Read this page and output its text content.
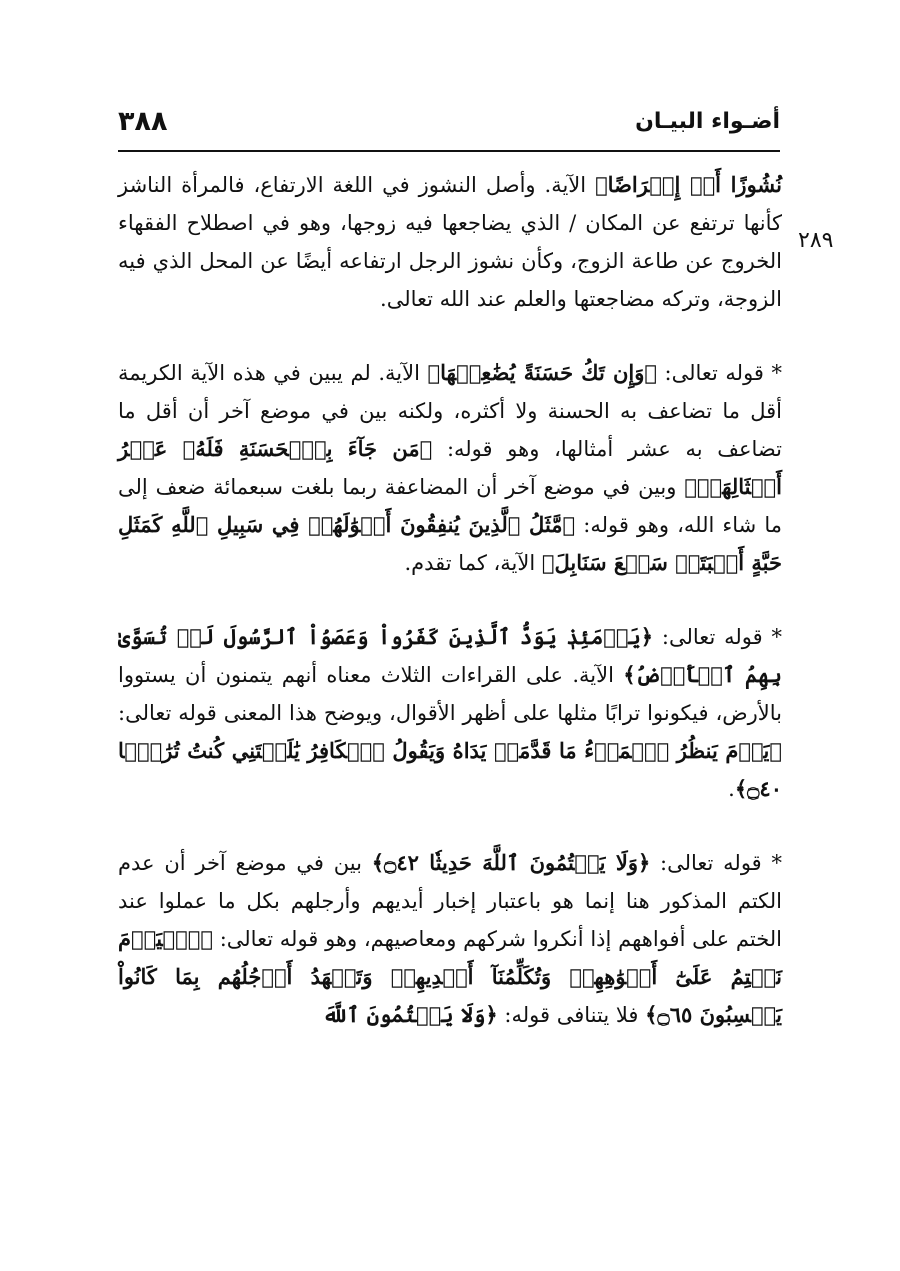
٣٨٨	أضـواء البيـان
٢٨٩

نُشُوزًا أَوۡ إِعۡرَاضًا﴾ الآية. وأصل النشوز في اللغة الارتفاع، فالمرأة الناشز كأنها ترتفع عن المكان / الذي يضاجعها فيه زوجها، وهو في اصطلاح الفقهاء الخروج عن طاعة الزوج، وكأن نشوز الرجل ارتفاعه أيضًا عن المحل الذي فيه الزوجة، وتركه مضاجعتها والعلم عند الله تعالى.

* قوله تعالى: ﴿وَإِن تَكُ حَسَنَةً يُضَٰعِفۡهَا﴾ الآية. لم يبين في هذه الآية الكريمة أقل ما تضاعف به الحسنة ولا أكثره، ولكنه بين في موضع آخر أن أقل ما تضاعف به عشر أمثالها، وهو قوله: ﴿مَن جَآءَ بِٱلۡحَسَنَةِ فَلَهُۥ عَشۡرُ أَمۡثَالِهَاۖ﴾ وبين في موضع آخر أن المضاعفة ربما بلغت سبعمائة ضعف إلى ما شاء الله، وهو قوله: ﴿مَّثَلُ ٱلَّذِينَ يُنفِقُونَ أَمۡوَٰلَهُمۡ فِي سَبِيلِ ٱللَّهِ كَمَثَلِ حَبَّةٍ أَنۢبَتَتۡ سَبۡعَ سَنَابِلَ﴾ الآية، كما تقدم.

* قوله تعالى: ﴿يَوۡمَئِذٖ يَوَدُّ ٱلَّذِينَ كَفَرُواْ وَعَصَوُاْ ٱلرَّسُولَ لَوۡ تُسَوَّىٰ بِهِمُ ٱلۡأَرۡضُ﴾ الآية. على القراءات الثلاث معناه أنهم يتمنون أن يستووا بالأرض، فيكونوا ترابًا مثلها على أظهر الأقوال، ويوضح هذا المعنى قوله تعالى: ﴿يَوۡمَ يَنظُرُ ٱلۡمَرۡءُ مَا قَدَّمَتۡ يَدَاهُ وَيَقُولُ ٱلۡكَافِرُ يَٰلَيۡتَنِي كُنتُ تُرَٰبَۢا ۝٤٠﴾.

* قوله تعالى: ﴿وَلَا يَكۡتُمُونَ ٱللَّهَ حَدِيثٗا ۝٤٢﴾ بين في موضع آخر أن عدم الكتم المذكور هنا إنما هو باعتبار إخبار أيديهم وأرجلهم بكل ما عملوا عند الختم على أفواههم إذا أنكروا شركهم ومعاصيهم، وهو قوله تعالى: ﴿ٱلۡيَوۡمَ نَخۡتِمُ عَلَىٰٓ أَفۡوَٰهِهِمۡ وَتُكَلِّمُنَآ أَيۡدِيهِمۡ وَتَشۡهَدُ أَرۡجُلُهُم بِمَا كَانُواْ يَكۡسِبُونَ ۝٦٥﴾ فلا يتنافى قوله: ﴿وَلَا يَكۡتُمُونَ ٱللَّهَ
